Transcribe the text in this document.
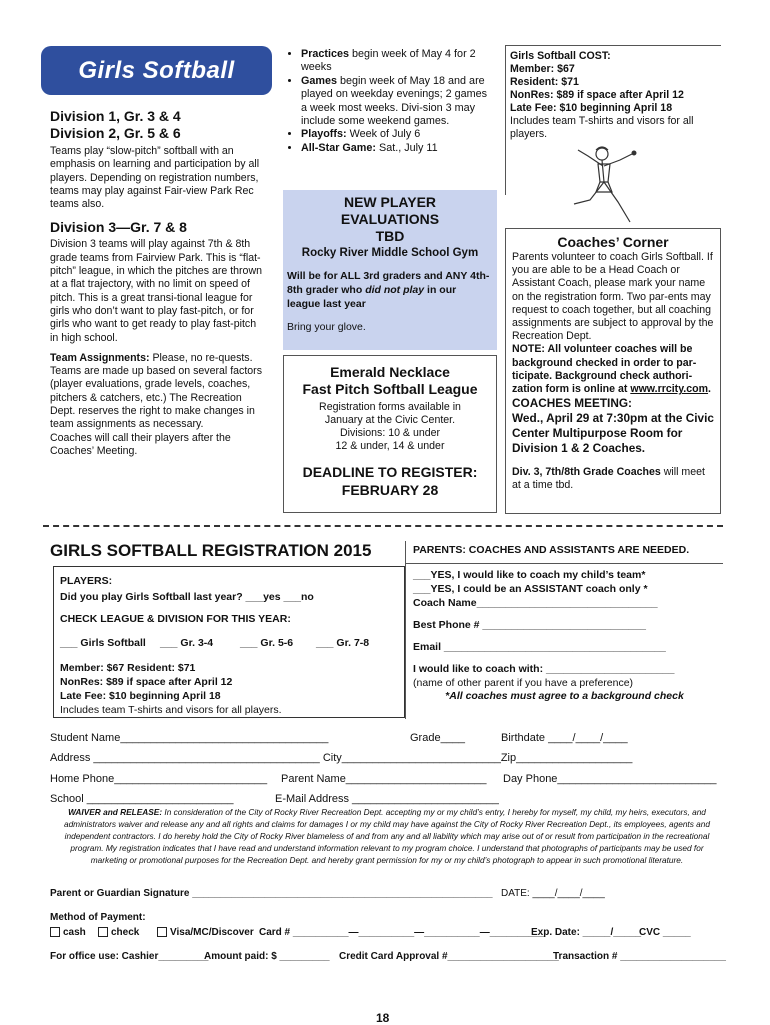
Girls Softball

Division 1, Gr. 3 & 4

Division 2, Gr. 5 & 6

Teams play “slow-pitch” softball with an emphasis on learning and participation by all players. Depending on registration numbers, teams may play against Fair-view Park Rec teams also.

Division 3—Gr. 7 & 8

Division 3 teams will play against 7th & 8th grade teams from Fairview Park. This is “flat-pitch” league, in which the pitches are thrown at a flat trajectory, with no limit on speed of pitch. This is a great transi-tional league for girls who don’t want to play fast-pitch, or for girls who want to get ready to play fast-pitch in high school.

Team Assignments: Please, no re-quests. Teams are made up based on several factors (player evaluations, grade levels, coaches, pitchers & catchers, etc.) The Recreation Dept. reserves the right to make changes in team assignments as necessary.

Coaches will call their players after the Coaches’ Meeting.

• Practices begin week of May 4 for 2 weeks
• Games begin week of May 18 and are played on weekday evenings; 2 games a week most weeks. Divi-sion 3 may include some weekend games.
• Playoffs: Week of July 6
• All-Star Game: Sat., July 11
NEW PLAYER
EVALUATIONS
TBD
Rocky River Middle School Gym
Will be for ALL 3rd graders and ANY 4th-8th grader who did not play in our league last year
Bring your glove.
Emerald Necklace
Fast Pitch Softball League
Registration forms available in
January at the Civic Center.
Divisions: 10 & under
12 & under, 14 & under
DEADLINE TO REGISTER:
FEBRUARY 28
Girls Softball COST:
Member: $67
Resident: $71
NonRes: $89 if space after April 12
Late Fee: $10 beginning April 18
Includes team T-shirts and visors for all players.
Coaches’ Corner
Parents volunteer to coach Girls Softball. If you are able to be a Head Coach or Assistant Coach, please mark your name on the registration form. Two par-ents may request to coach together, but all coaching assignments are subject to approval by the Recreation Dept.
NOTE: All volunteer coaches will be background checked in order to par-ticipate. Background check authori-zation form is online at www.rrcity.com.
COACHES MEETING:
Wed., April 29 at 7:30pm at the Civic Center Multipurpose Room for Division 1 & 2 Coaches.
Div. 3, 7th/8th Grade Coaches will meet at a time tbd.
GIRLS SOFTBALL REGISTRATION 2015
PLAYERS:
Did you play Girls Softball last year? ___yes ___no
CHECK LEAGUE & DIVISION FOR THIS YEAR:
___ Girls Softball ___ Gr. 3-4	___ Gr. 5-6 ___ Gr. 7-8
Member: $67 Resident: $71
NonRes: $89 if space after April 12
Late Fee: $10 beginning April 18
Includes team T-shirts and visors for all players.
PARENTS: COACHES AND ASSISTANTS ARE NEEDED.
___YES, I would like to coach my child’s team*
___YES, I could be an ASSISTANT coach only *
Coach Name_______________________________
Best Phone # ____________________________
Email ______________________________________
I would like to coach with: ______________________
(name of other parent if you have a preference)
*All coaches must agree to a background check
Student Name__________________________________	Grade____	Birthdate ____/____/____
Address _____________________________________ City__________________________Zip___________________
Home Phone_________________________ Parent Name_______________________ Day Phone__________________________
School ________________________	E-Mail Address ________________________
WAIVER and RELEASE: In consideration of the City of Rocky River Recreation Dept. accepting my or my child’s entry, I hereby for myself, my child, my heirs, executors, and administrators waiver and release any and all rights and claims for damages I or my child may have against the City of Rocky River Recreation Dept., its employees, agents and independent contractors. I do hereby hold the City of Rocky River blameless of and from any and all liability which may arise out of or result from participation in the recreational program. My registration indicates that I have read and understand information relevant to my program choice. I understand that photographs of participants may be used for marketing or promotional purposes for the Recreation Dept. and hereby grant permission for my or my child’s photograph to appear in such promotional literature.
Parent or Guardian Signature ______________________________________________________ DATE: ____/____/____
Method of Payment:
cash	check	Visa/MC/Discover Card # __________—__________—__________—__________
Exp. Date: _____/_____
CVC _____
For office use: Cashier_________
Amount paid: $ _________ Credit Card Approval #____________________
Transaction # ___________________
18
